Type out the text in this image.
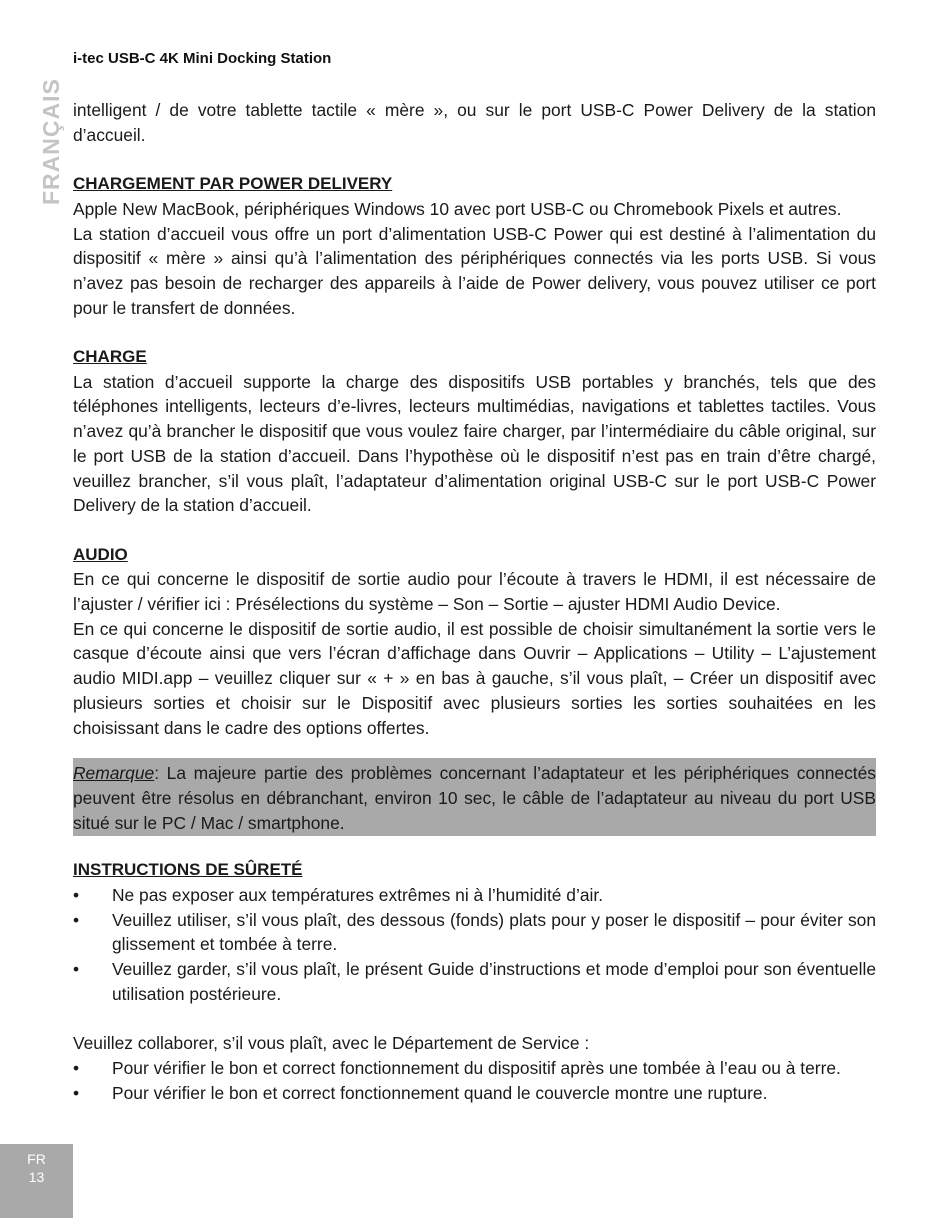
i-tec USB-C 4K Mini Docking Station
FRANÇAIS intelligent / de votre tablette tactile « mère », ou sur le port USB-C Power Delivery de la station d’accueil.

CHARGEMENT PAR POWER DELIVERY

Apple New MacBook, périphériques Windows 10 avec port USB-C ou Chromebook Pixels et autres.

La station d’accueil vous offre un port d’alimentation USB-C Power qui est destiné à l’alimentation du dispositif « mère » ainsi qu’à l’alimentation des périphériques connectés via les ports USB. Si vous n’avez pas besoin de recharger des appareils à l’aide de Power delivery, vous pouvez utiliser ce port pour le transfert de données.

CHARGE

La station d’accueil supporte la charge des dispositifs USB portables y branchés, tels que des téléphones intelligents, lecteurs d’e-livres, lecteurs multimédias, navigations et tablettes tactiles. Vous n’avez qu’à brancher le dispositif que vous voulez faire charger, par l’intermédiaire du câble original, sur le port USB de la station d’accueil. Dans l’hypothèse où le dispositif n’est pas en train d’être chargé, veuillez brancher, s’il vous plaît, l’adaptateur d’alimentation original USB-C sur le port USB-C Power Delivery de la station d’accueil.

AUDIO

En ce qui concerne le dispositif de sortie audio pour l’écoute à travers le HDMI, il est nécessaire de l’ajuster / vérifier ici : Présélections du système – Son – Sortie – ajuster HDMI Audio Device.

En ce qui concerne le dispositif de sortie audio, il est possible de choisir simultanément la sortie vers le casque d’écoute ainsi que vers l’écran d’affichage dans Ouvrir – Applications – Utility – L’ajustement audio MIDI.app – veuillez cliquer sur « + » en bas à gauche, s’il vous plaît, – Créer un dispositif avec plusieurs sorties et choisir sur le Dispositif avec plusieurs sorties les sorties souhaitées en les choisissant dans le cadre des options offertes.

Remarque: La majeure partie des problèmes concernant l’adaptateur et les périphériques connectés peuvent être résolus en débranchant, environ 10 sec, le câble de l’adaptateur au niveau du port USB situé sur le PC / Mac / smartphone.

INSTRUCTIONS DE SÛRETÉ
• Ne pas exposer aux températures extrêmes ni à l’humidité d’air.
• Veuillez utiliser, s’il vous plaît, des dessous (fonds) plats pour y poser le dispositif – pour éviter son glissement et tombée à terre.
• Veuillez garder, s’il vous plaît, le présent Guide d’instructions et mode d’emploi pour son éventuelle utilisation postérieure.

Veuillez collaborer, s’il vous plaît, avec le Département de Service :

• Pour vérifier le bon et correct fonctionnement du dispositif après une tombée à l’eau ou à terre.
• Pour vérifier le bon et correct fonctionnement quand le couvercle montre une rupture.
FR
13
